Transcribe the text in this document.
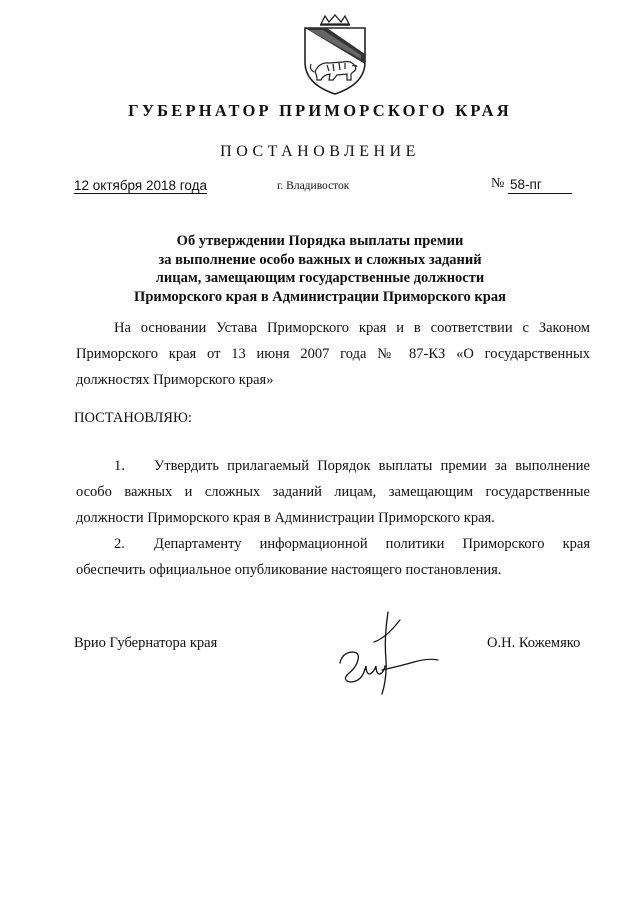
ГУБЕРНАТОР ПРИМОРСКОГО КРАЯ
ПОСТАНОВЛЕНИЕ
12 октября 2018 года	г. Владивосток	№ 58-пг
Об утверждении Порядка выплаты премии
за выполнение особо важных и сложных заданий
лицам, замещающим государственные должности
Приморского края в Администрации Приморского края
На основании Устава Приморского края и в соответствии с Законом
Приморского края от 13 июня 2007 года № 87-КЗ «О государственных
должностях Приморского края»
ПОСТАНОВЛЯЮ:
1. Утвердить прилагаемый Порядок выплаты премии за выполнение
особо важных и сложных заданий лицам, замещающим государственные
должности Приморского края в Администрации Приморского края.
2. Департаменту информационной политики Приморского края
обеспечить официальное опубликование настоящего постановления.
Врио Губернатора края	О.Н. Кожемяко
